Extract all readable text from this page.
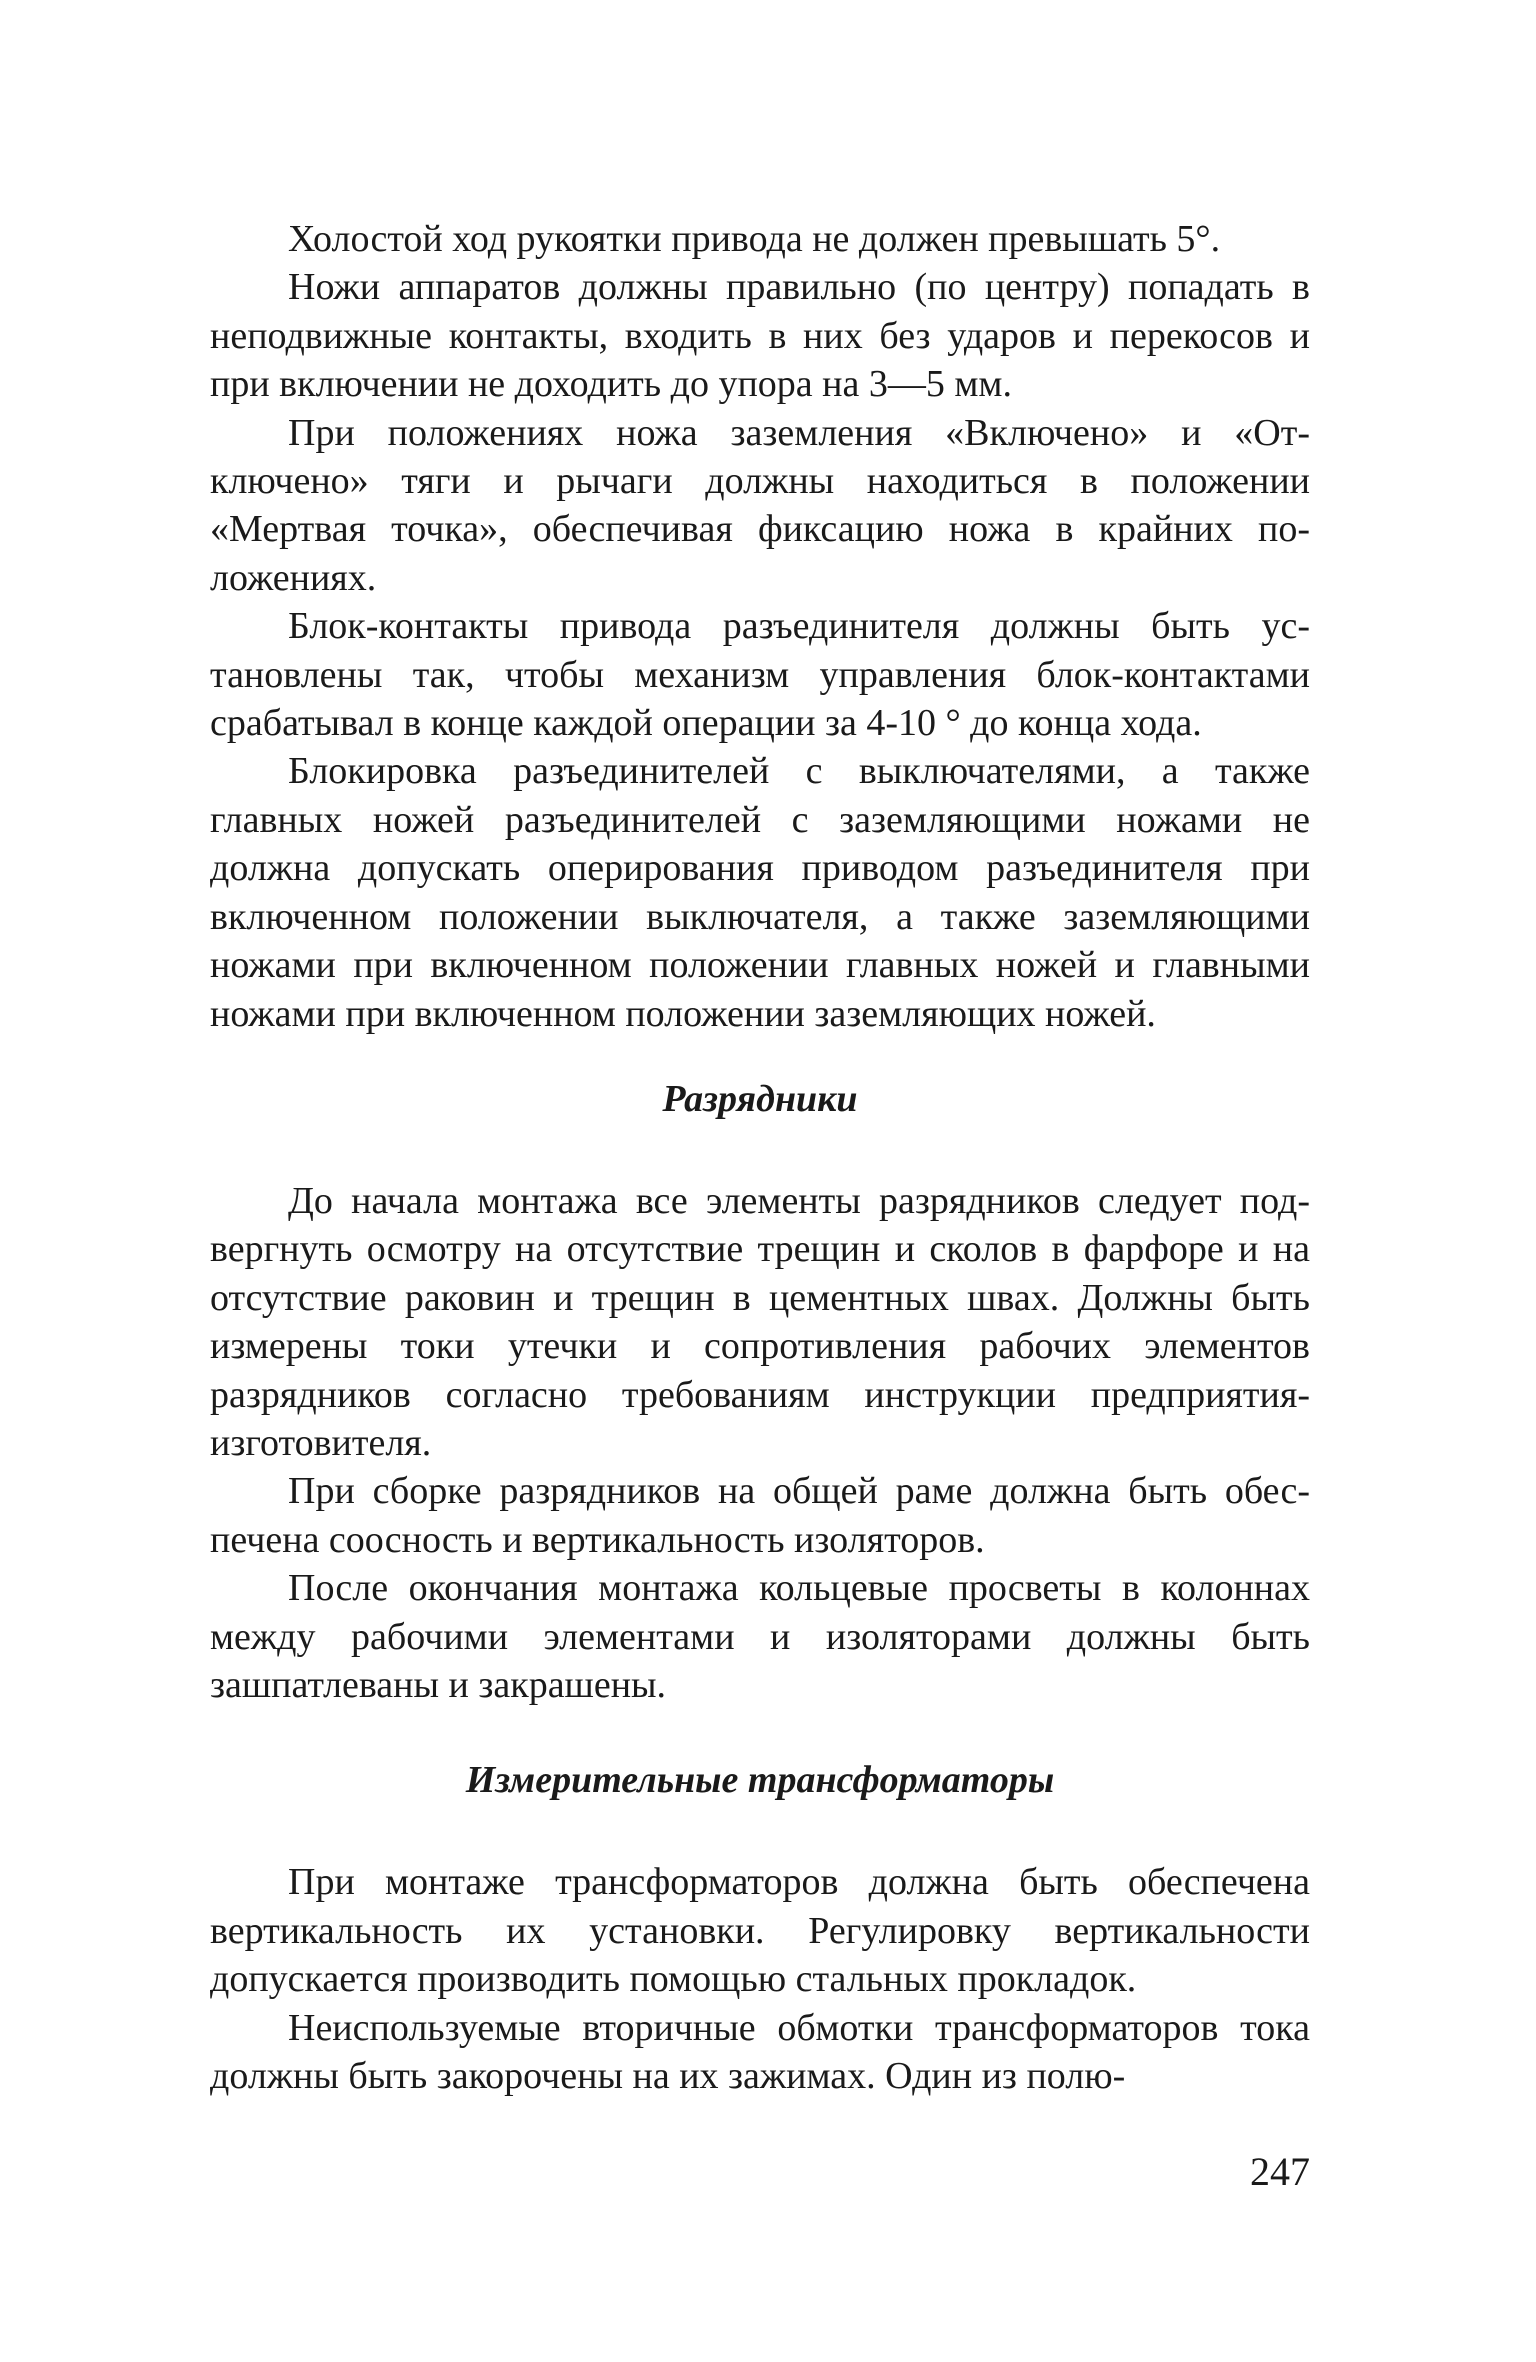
Холостой ход рукоятки привода не должен превышать 5°.

Ножи аппаратов должны правильно (по центру) попадать в неподвижные контакты, входить в них без ударов и перекосов и при включении не доходить до упора на 3—5 мм.

При положениях ножа заземления «Включено» и «Отключено» тяги и рычаги должны находиться в положении «Мертвая точка», обеспечивая фиксацию ножа в крайних положениях.

Блок-контакты привода разъединителя должны быть установлены так, чтобы механизм управления блок-контактами срабатывал в конце каждой операции за 4-10 ° до конца хода.

Блокировка разъединителей с выключателями, а также главных ножей разъединителей с заземляющими ножами не должна допускать оперирования приводом разъединителя при включенном положении выключателя, а также заземляющими ножами при включенном положении главных ножей и главными ножами при включенном положении заземляющих ножей.

Разрядники

До начала монтажа все элементы разрядников следует подвергнуть осмотру на отсутствие трещин и сколов в фарфоре и на отсутствие раковин и трещин в цементных швах. Должны быть измерены токи утечки и сопротивления рабочих элементов разрядников согласно требованиям инструкции предприятия-изготовителя.

При сборке разрядников на общей раме должна быть обеспечена соосность и вертикальность изоляторов.

После окончания монтажа кольцевые просветы в колоннах между рабочими элементами и изоляторами должны быть зашпатлеваны и закрашены.

Измерительные трансформаторы

При монтаже трансформаторов должна быть обеспечена вертикальность их установки. Регулировку вертикальности допускается производить помощью стальных прокладок.

Неиспользуемые вторичные обмотки трансформаторов тока должны быть закорочены на их зажимах. Один из полю-

247
